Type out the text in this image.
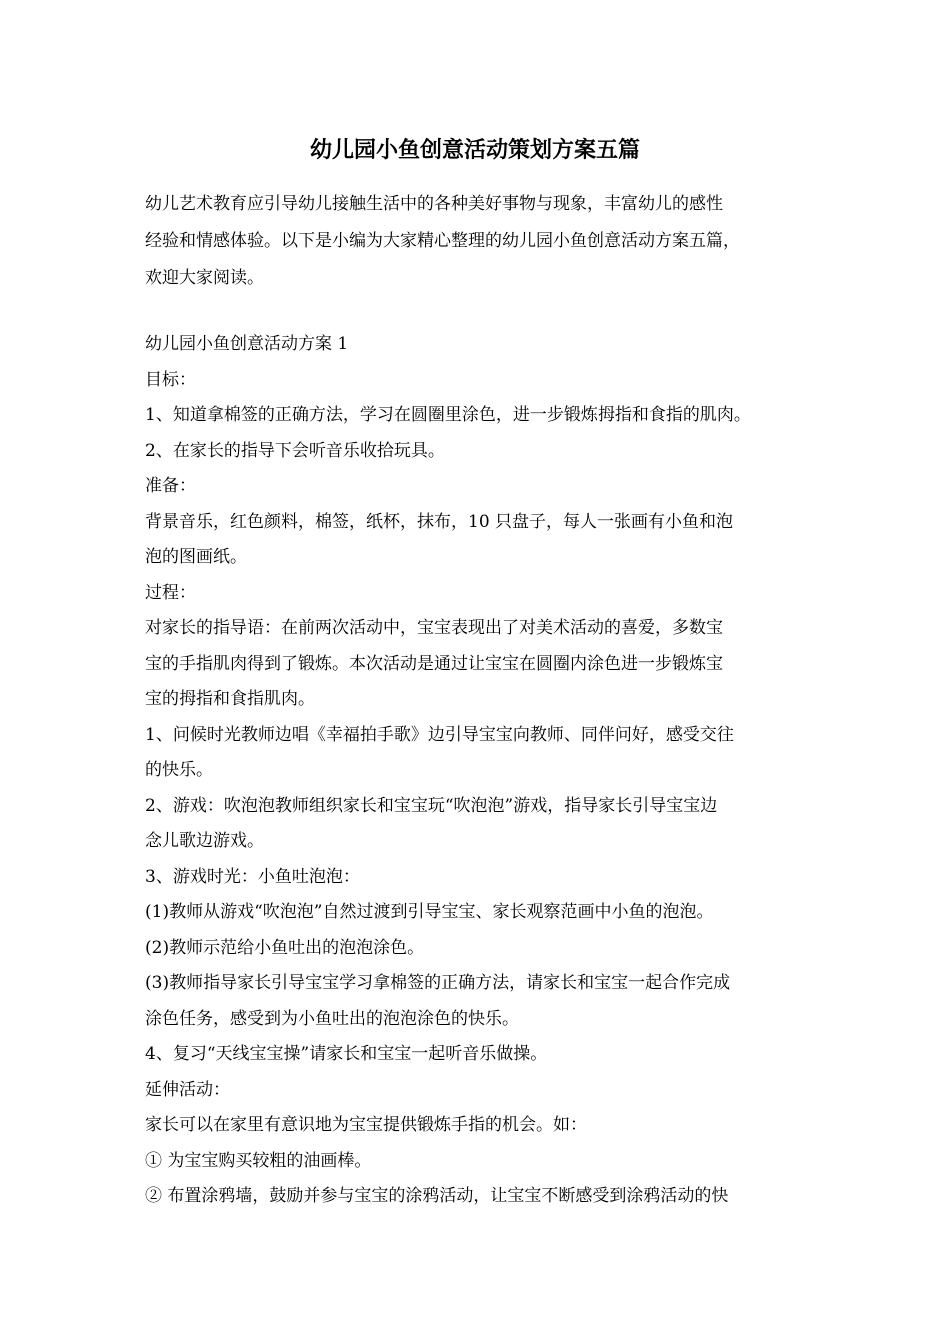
幼儿园小鱼创意活动策划方案五篇
幼儿艺术教育应引导幼儿接触生活中的各种美好事物与现象，丰富幼儿的感性
经验和情感体验。以下是小编为大家精心整理的幼儿园小鱼创意活动方案五篇，
欢迎大家阅读。
幼儿园小鱼创意活动方案 1
目标：
1、知道拿棉签的正确方法，学习在圆圈里涂色，进一步锻炼拇指和食指的肌肉。
2、在家长的指导下会听音乐收拾玩具。
准备：
背景音乐，红色颜料，棉签，纸杯，抹布，10 只盘子，每人一张画有小鱼和泡
泡的图画纸。
过程：
对家长的指导语：在前两次活动中，宝宝表现出了对美术活动的喜爱，多数宝
宝的手指肌肉得到了锻炼。本次活动是通过让宝宝在圆圈内涂色进一步锻炼宝
宝的拇指和食指肌肉。
1、问候时光教师边唱《幸福拍手歌》边引导宝宝向教师、同伴问好，感受交往
的快乐。
2、游戏：吹泡泡教师组织家长和宝宝玩“吹泡泡”游戏，指导家长引导宝宝边
念儿歌边游戏。
3、游戏时光：小鱼吐泡泡：
(1)教师从游戏“吹泡泡”自然过渡到引导宝宝、家长观察范画中小鱼的泡泡。
(2)教师示范给小鱼吐出的泡泡涂色。
(3)教师指导家长引导宝宝学习拿棉签的正确方法，请家长和宝宝一起合作完成
涂色任务，感受到为小鱼吐出的泡泡涂色的快乐。
4、复习“天线宝宝操”请家长和宝宝一起听音乐做操。
延伸活动：
家长可以在家里有意识地为宝宝提供锻炼手指的机会。如：
① 为宝宝购买较粗的油画棒。
② 布置涂鸦墙，鼓励并参与宝宝的涂鸦活动，让宝宝不断感受到涂鸦活动的快
